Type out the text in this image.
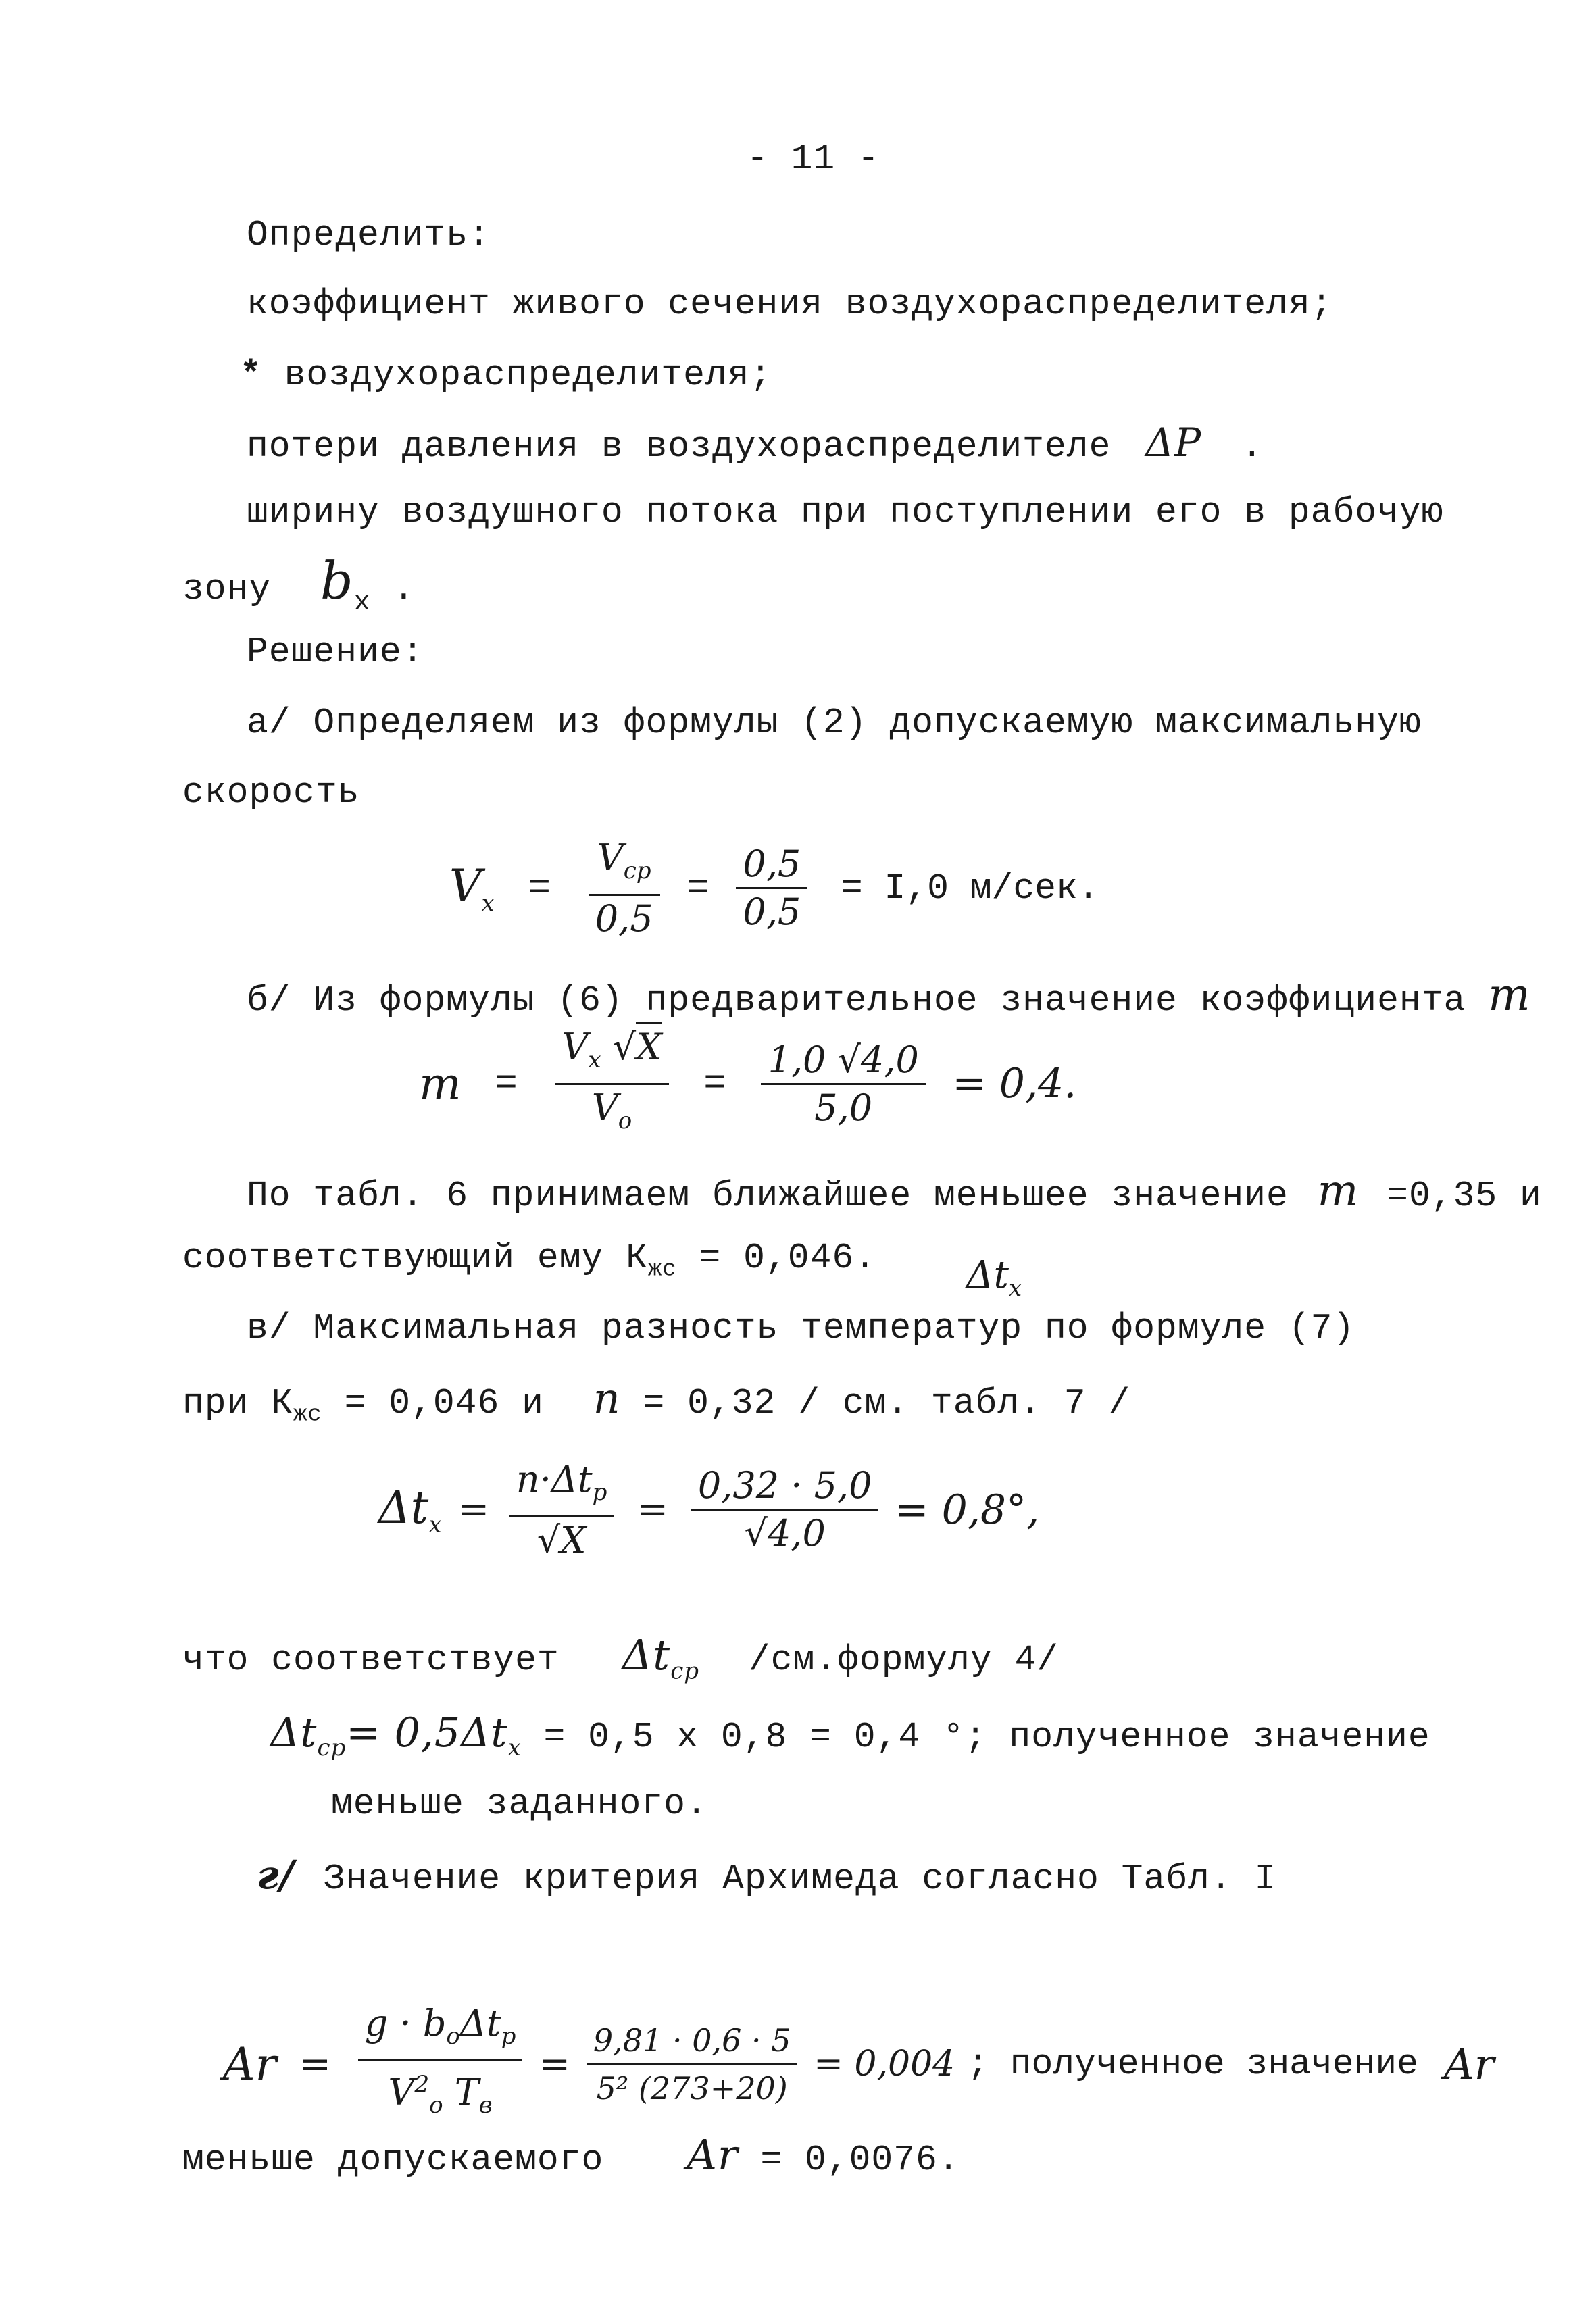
- 11 -
Определить:
коэффициент живого сечения воздухораспределителя;
* воздухораспределителя;
потери давления в воздухораспределителе ΔP .
ширину воздушного потока при поступлении его в рабочую
зону $b_х$ .
Решение:
а/ Определяем из формулы (2) допускаемую максимальную
скорость
$V_x = \frac{V_{cp}}{0,5} = \frac{0,5}{0,5} = I,0$ м/сек.
б/ Из формулы (6) предварительное значение коэффициента m
$m = \frac{V_x √X}{V_o} = \frac{1,0 √4,0}{5,0} = 0,4$.
По табл. 6 принимаем ближайшее меньшее значение m =0,35 и
соответствующий ему $К_{жс} = 0,046$. $\Delta t_x$
в/ Максимальная разность температур по формуле (7)
при $К_{жс} = 0,046$ и n = 0,32 / см. табл. 7 /
$\Delta t_x = \frac{n\cdot\Delta t_p}{√X} = \frac{0,32 \cdot 5,0}{√4,0} = 0,8^\circ$,
что соответствует $\Delta t_{ср}$ /см.формулу 4/
$\Delta t_{ср}= 0,5\Delta t_x = 0,5$ х 0,8 = 0,4 °; полученное значение
меньше заданного.
г/ Значение критерия Архимеда согласно Табл. I
$Ar = \frac{g \cdot b_o\Delta t_p}{V^2_o T_в} = \frac{9,81 \cdot 0,6 \cdot 5}{\text{5² (273+20)}} = 0,004$ ; полученное значение Ar
меньше допускаемого Ar = 0,0076.
